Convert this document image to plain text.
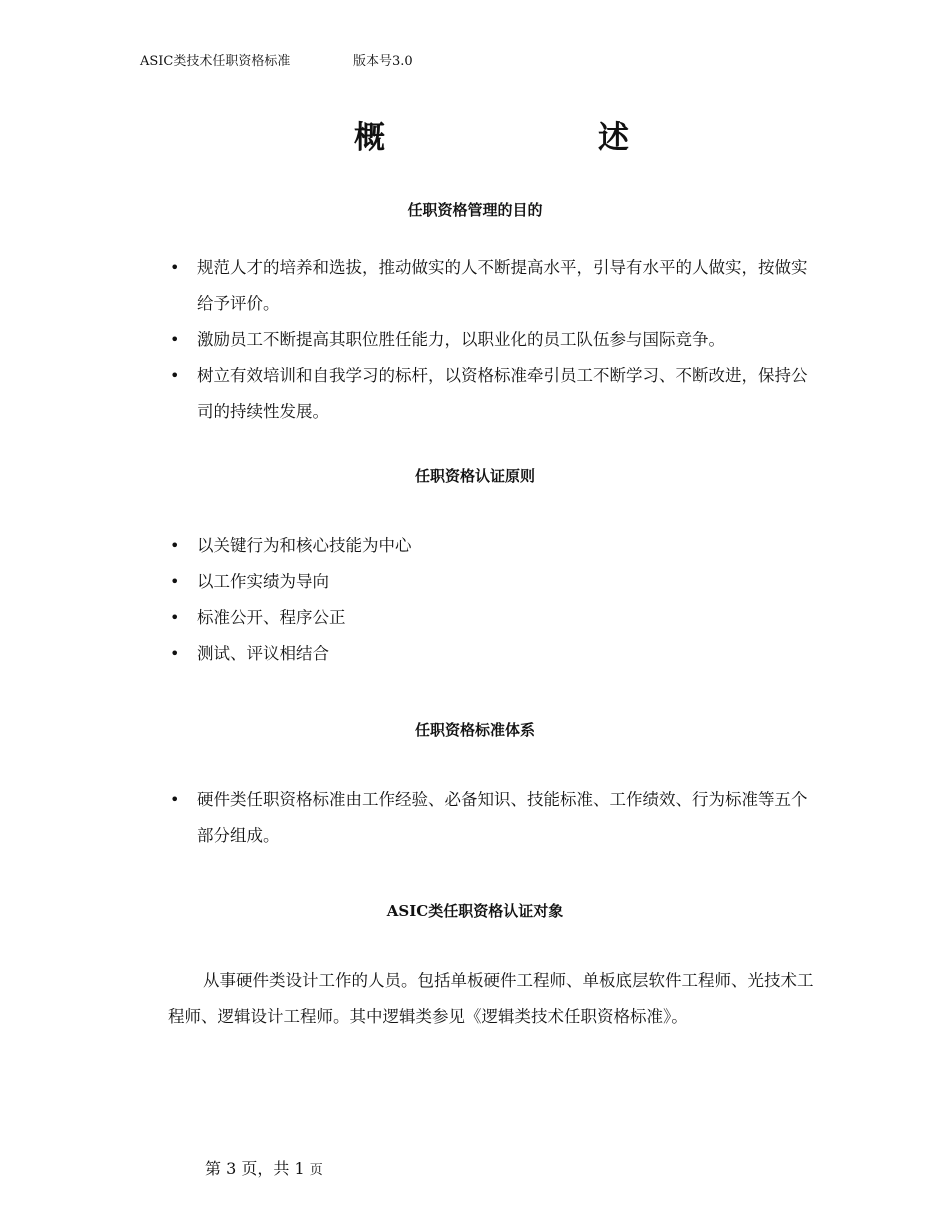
ASIC类技术任职资格标准	版本号3.0
概	述
任职资格管理的目的
• 规范人才的培养和选拔，推动做实的人不断提高水平，引导有水平的人做实，按做实给予评价。
• 激励员工不断提高其职位胜任能力，以职业化的员工队伍参与国际竞争。
• 树立有效培训和自我学习的标杆，以资格标准牵引员工不断学习、不断改进，保持公司的持续性发展。
任职资格认证原则
• 以关键行为和核心技能为中心
• 以工作实绩为导向
• 标准公开、程序公正
• 测试、评议相结合
任职资格标准体系
• 硬件类任职资格标准由工作经验、必备知识、技能标准、工作绩效、行为标准等五个部分组成。
ASIC类任职资格认证对象
从事硬件类设计工作的人员。包括单板硬件工程师、单板底层软件工程师、光技术工程师、逻辑设计工程师。其中逻辑类参见《逻辑类技术任职资格标准》。
第 3 页，共 1 页
